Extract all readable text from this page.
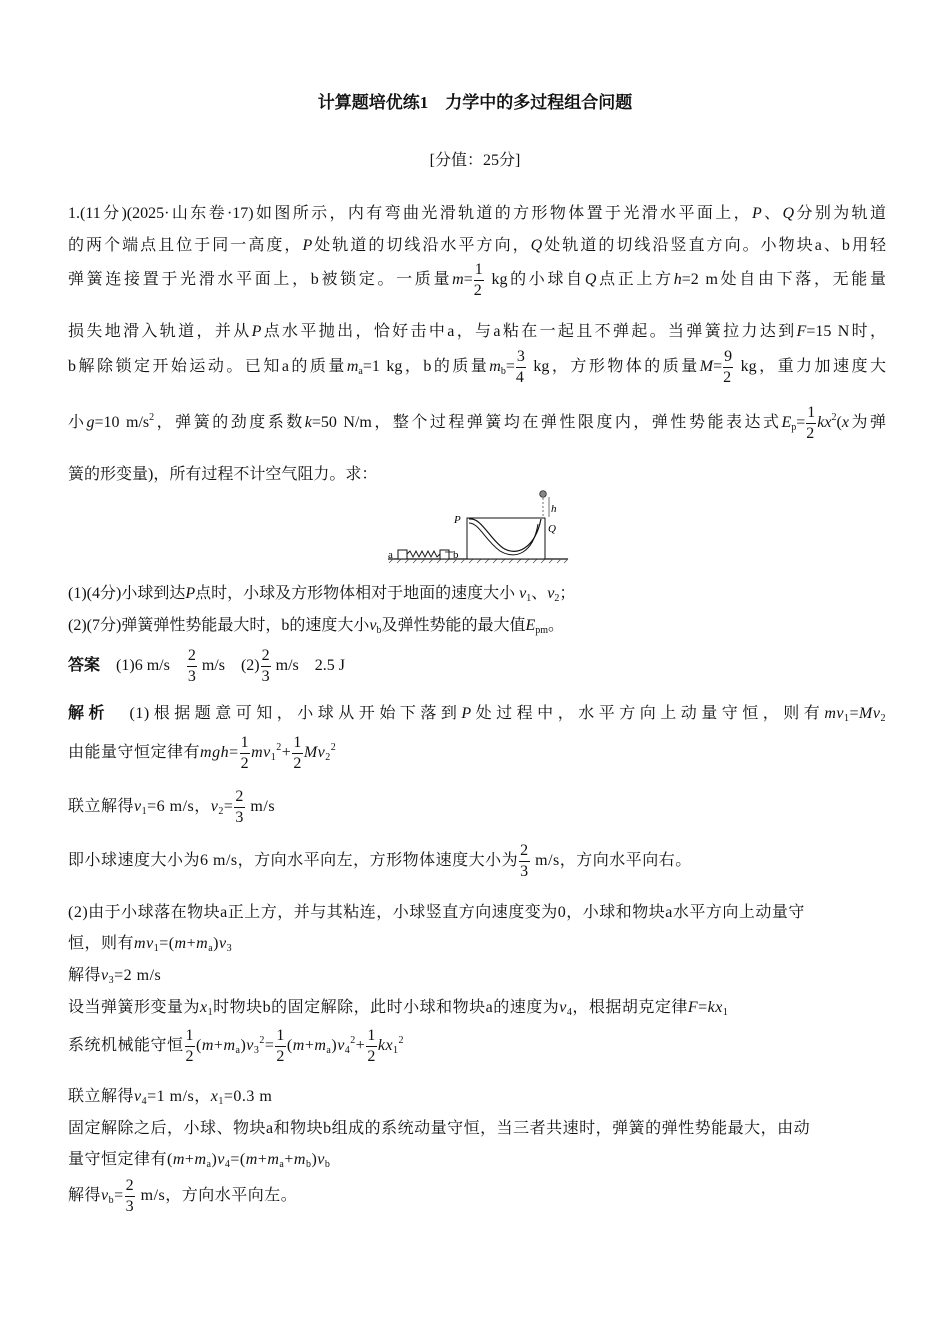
计算题培优练1　力学中的多过程组合问题
[分值：25分]
1.(11分)(2025·山东卷·17)如图所示，内有弯曲光滑轨道的方形物体置于光滑水平面上，P、Q分别为轨道
的两个端点且位于同一高度，P处轨道的切线沿水平方向，Q处轨道的切线沿竖直方向。小物块a、b用轻
弹簧连接置于光滑水平面上，b被锁定。一质量$m= \frac{1}{2}$ kg的小球自Q点正上方h=2 m处自由下落，无能量
损失地滑入轨道，并从P点水平抛出，恰好击中a，与a粘在一起且不弹起。当弹簧拉力达到F=15 N时，
b解除锁定开始运动。已知a的质量$m_a=1$ kg，b的质量$m_b= \frac{3}{4}$ kg，方形物体的质量$M= \frac{9}{2}$ kg，重力加速度大
小g=10 $m/s^2$，弹簧的劲度系数k=50 N/m，整个过程弹簧均在弹性限度内，弹性势能表达式$E_p= \frac{1}{2} kx^2(x$为弹
簧的形变量)，所有过程不计空气阻力。求：
a	b
h
Q
P
(1)(4分)小球到达P点时，小球及方形物体相对于地面的速度大小 $v_1$、$v_2$；
(2)(7分)弹簧弹性势能最大时，b的速度大小$v_b$及弹性势能的最大值$E_{pm}$。
答案　 (1)6 m/s　 $\frac{2}{3} m/s$　 $(2) \frac{2}{3} m/s$　 2.5 J
解析　 (1)根据题意可知，小球从开始下落到P处过程中，水平方向上动量守恒，则有$mv_1=Mv_2$
由能量守恒定律有$mgh= \frac{1}{2} mv_1^2+ \frac{1}{2} Mv_2^2$
联立解得$v_1=6$ m/s，$v_2= \frac{2}{3} m/s$
即小球速度大小为6 m/s，方向水平向左，方形物体速度大小为 $\frac{2}{3} m/s$，方向水平向右。
(2)由于小球落在物块a正上方，并与其粘连，小球竖直方向速度变为0，小球和物块a水平方向上动量守
恒，则有$mv_1=(m+m_a)v_3$
解得$v_3=2$ m/s
设当弹簧形变量为$x_1$时物块b的固定解除，此时小球和物块a的速度为$v_4$，根据胡克定律$F=kx_1$
系统机械能守恒 $\frac{1}{2} (m+m_a)v_3^2= \frac{1}{2} (m+m_a)v_4^2+ \frac{1}{2} kx_1^2$
联立解得$v_4=1$ m/s，$x_1=0.3$ m
固定解除之后，小球、物块a和物块b组成的系统动量守恒，当三者共速时，弹簧的弹性势能最大，由动
量守恒定律有$(m+m_a)v_4=(m+m_a+m_b)v_b$
解得$v_b= \frac{2}{3} m/s$，方向水平向左。
